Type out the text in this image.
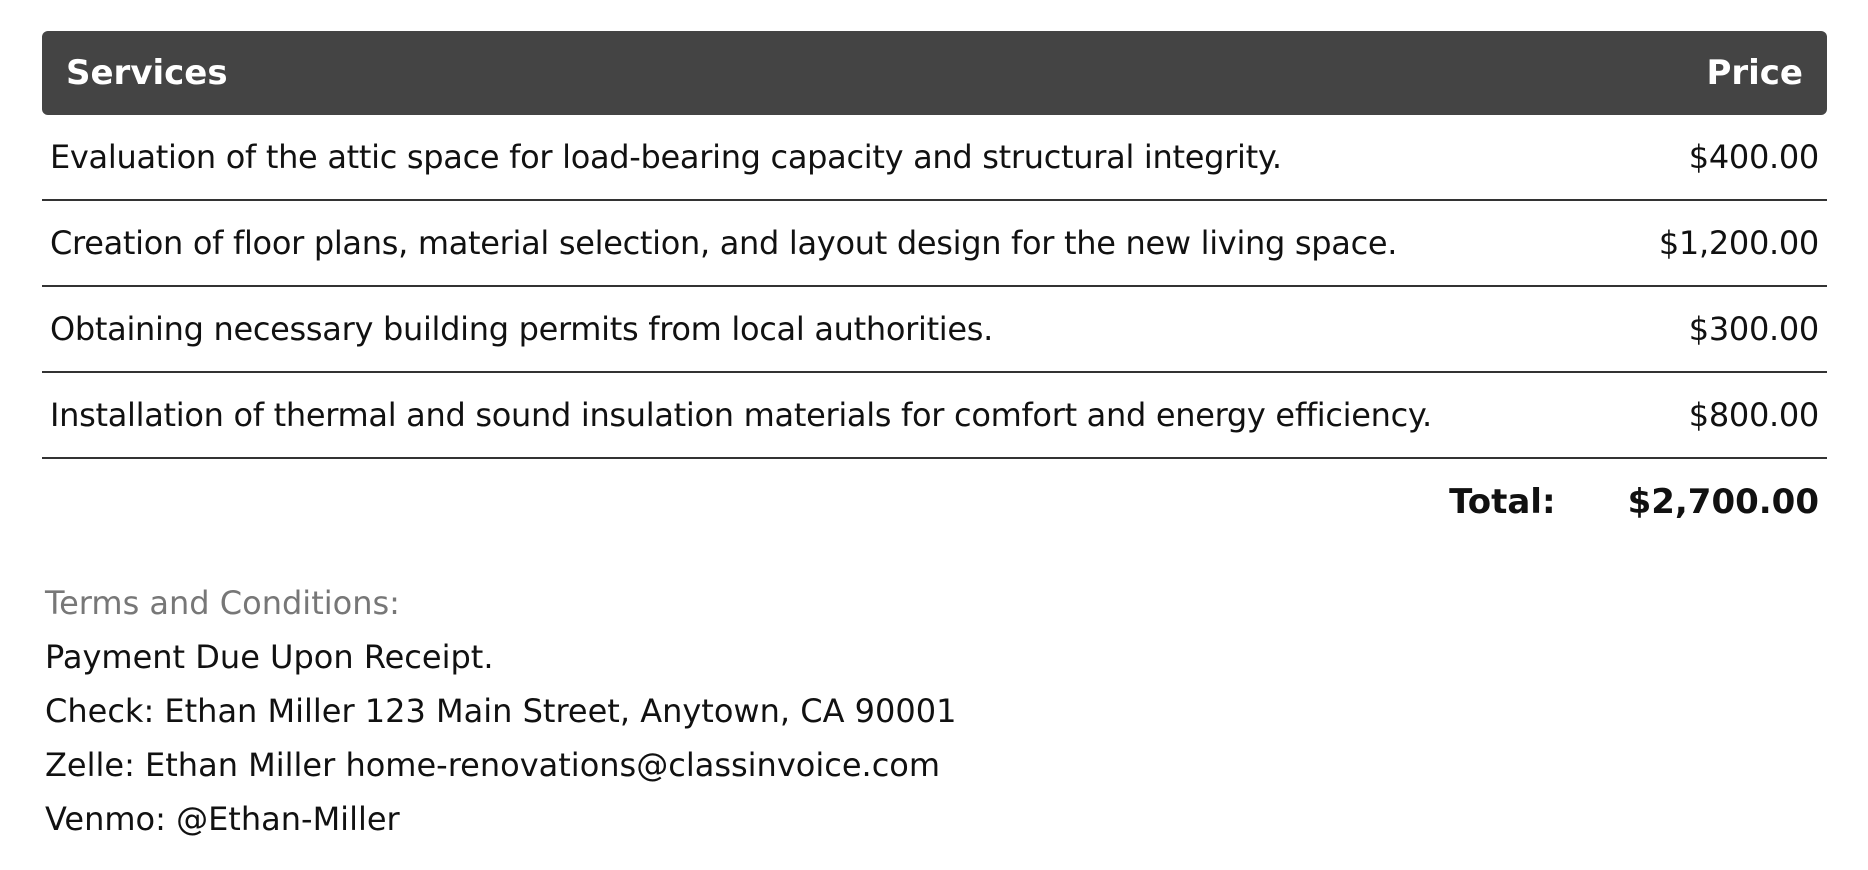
Services	Price
Evaluation of the attic space for load-bearing capacity and structural integrity.	$400.00
Creation of floor plans, material selection, and layout design for the new living space.	$1,200.00
Obtaining necessary building permits from local authorities.	$300.00
Installation of thermal and sound insulation materials for comfort and energy efficiency.	$800.00
Total: $2,700.00
Terms and Conditions:
Payment Due Upon Receipt.
Check: Ethan Miller 123 Main Street, Anytown, CA 90001
Zelle: Ethan Miller home-renovations@classinvoice.com
Venmo: @Ethan-Miller
